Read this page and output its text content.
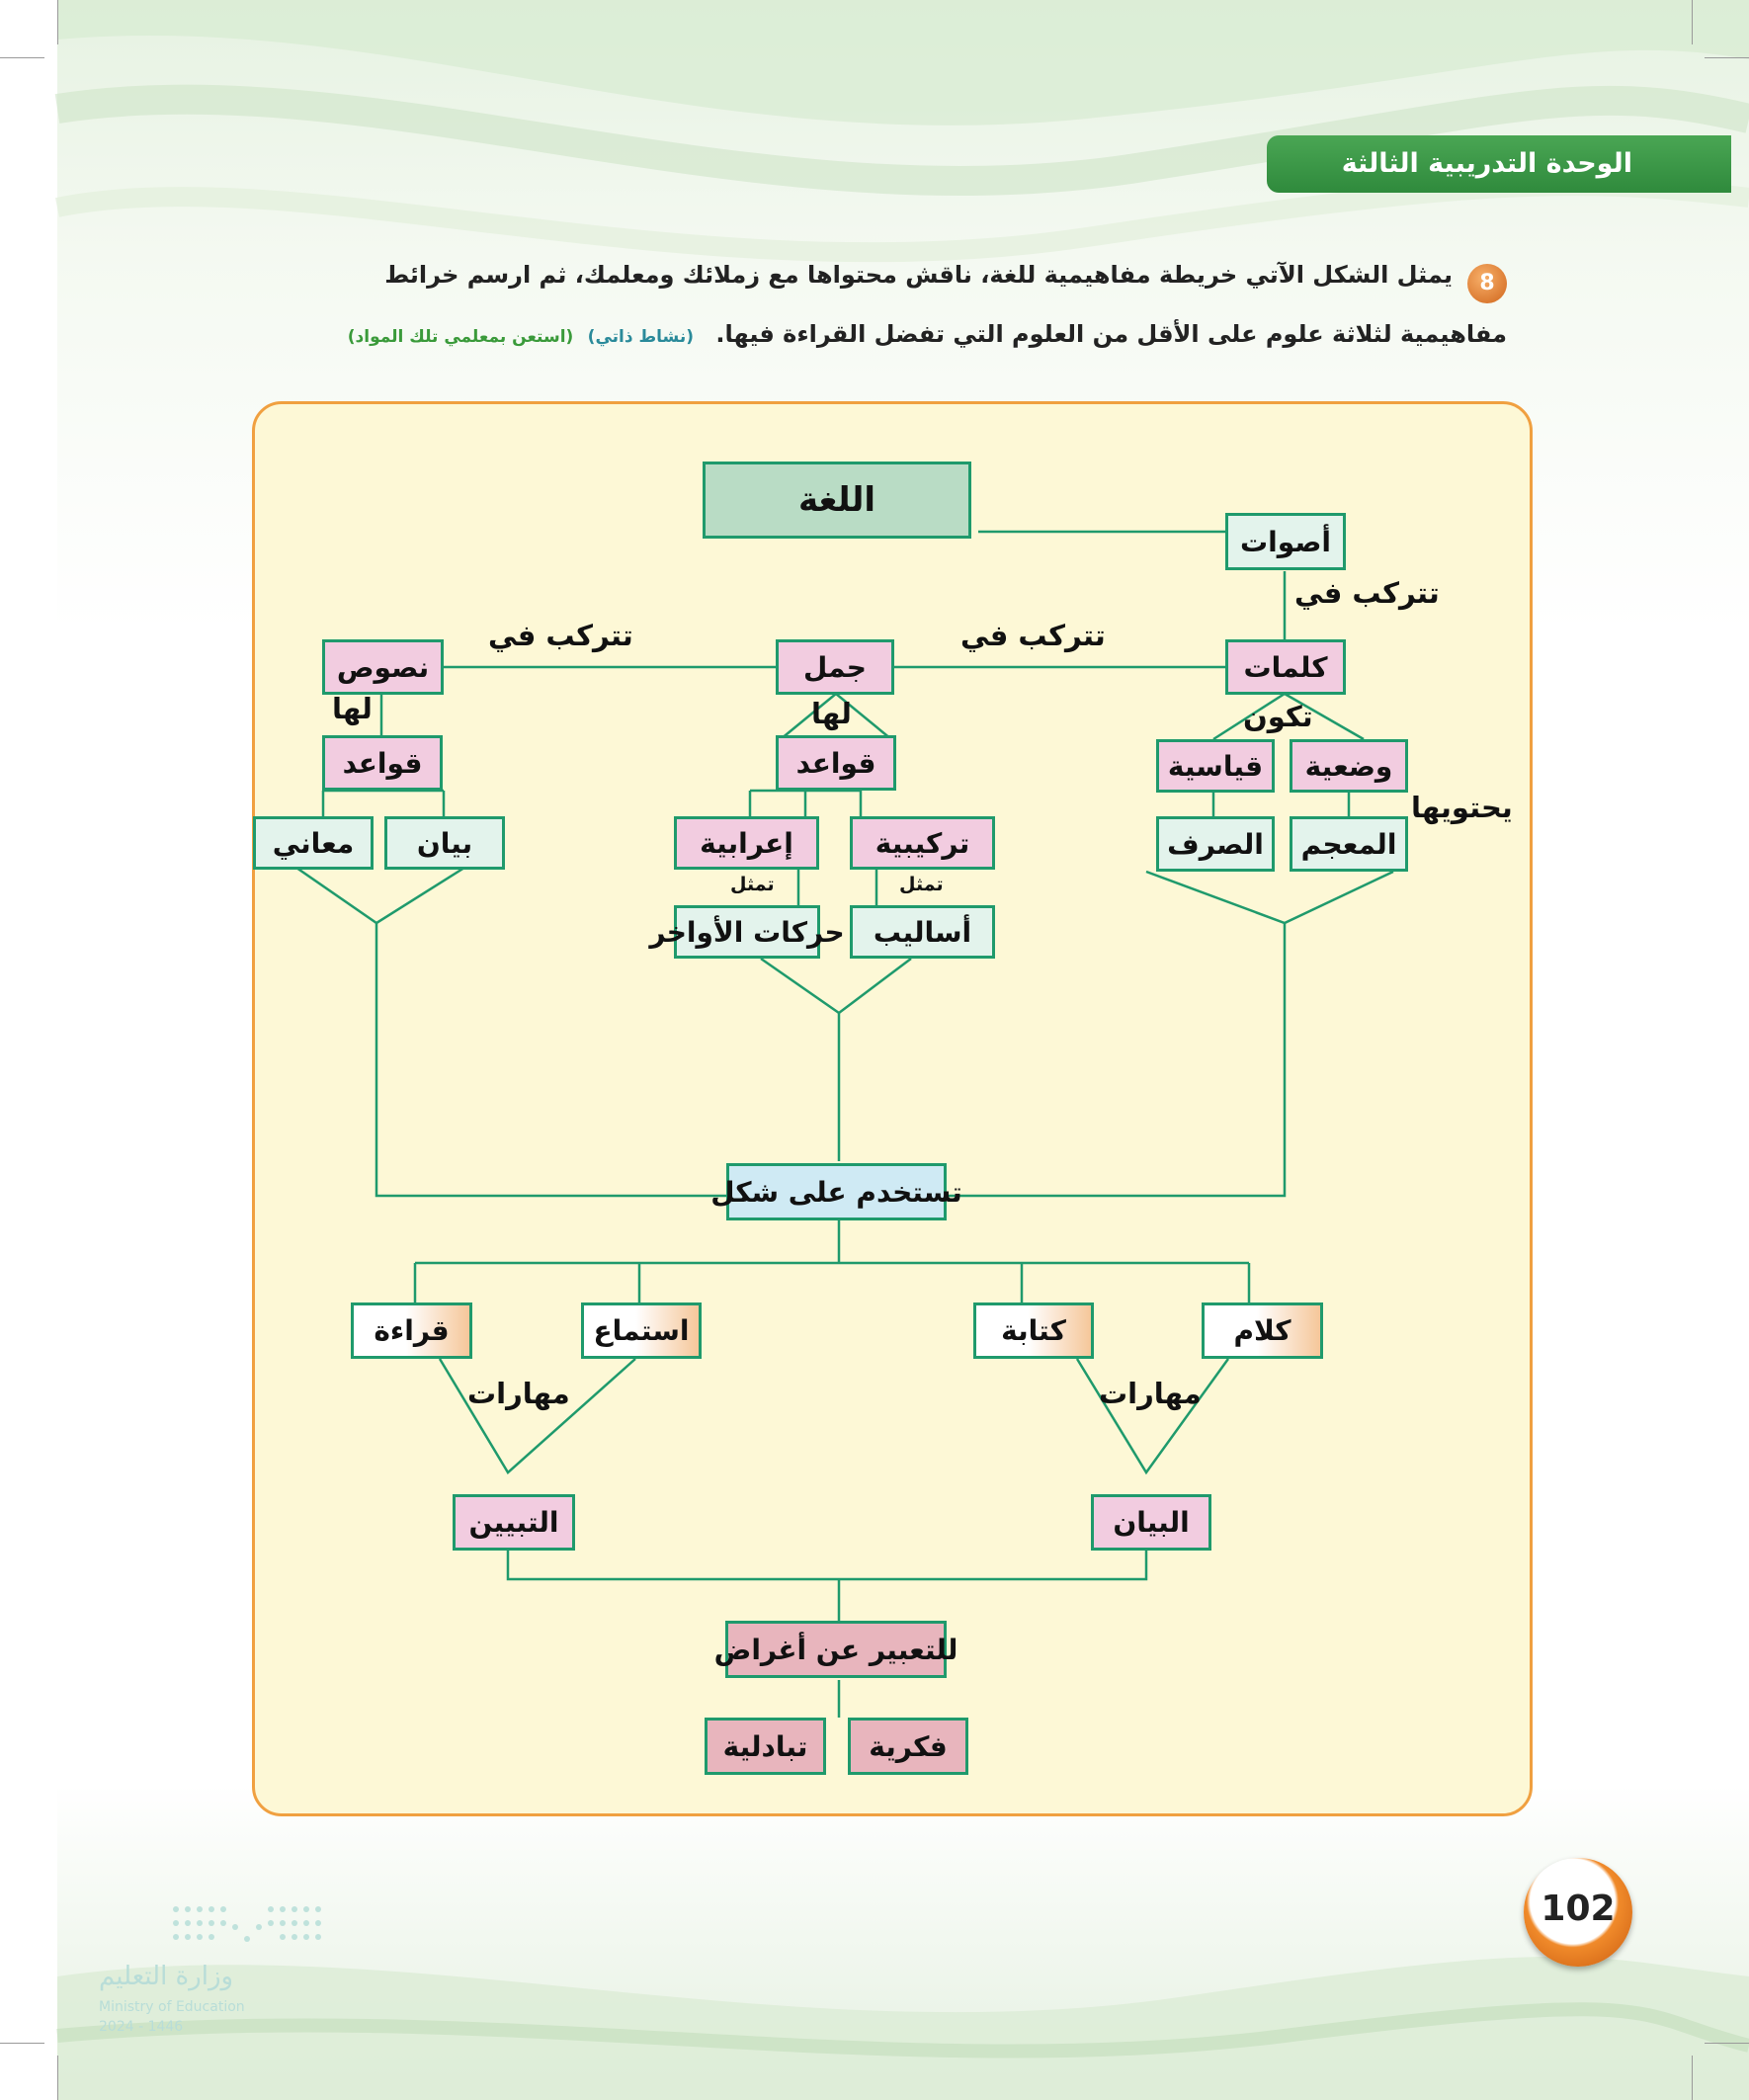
الوحدة التدريبية الثالثة
8
يمثل الشكل الآتي خريطة مفاهيمية للغة، ناقش محتواها مع زملائك ومعلمك، ثم ارسم خرائط
مفاهيمية لثلاثة علوم على الأقل من العلوم التي تفضل القراءة فيها. (نشاط ذاتي) (استعن بمعلمي تلك المواد)
اللغة
أصوات
كلمات
جمل
نصوص
قواعد
قواعد	وضعية
قياسية
المعجم
الصرف
تركيبية
إعرابية
بيان
معاني
أساليب
حركات الأواخر
تستخدم على شكل
كلام
كتابة
استماع
قراءة
البيان
التبيين
للتعبير عن أغراض
فكرية
تبادلية
تتركب في
تتركب في
تتركب في
لها	لها	تكون
يحتويها
تمثل	تمثل
مهارات	مهارات
102
وزارة التعليم
Ministry of Education
2024 - 1446
